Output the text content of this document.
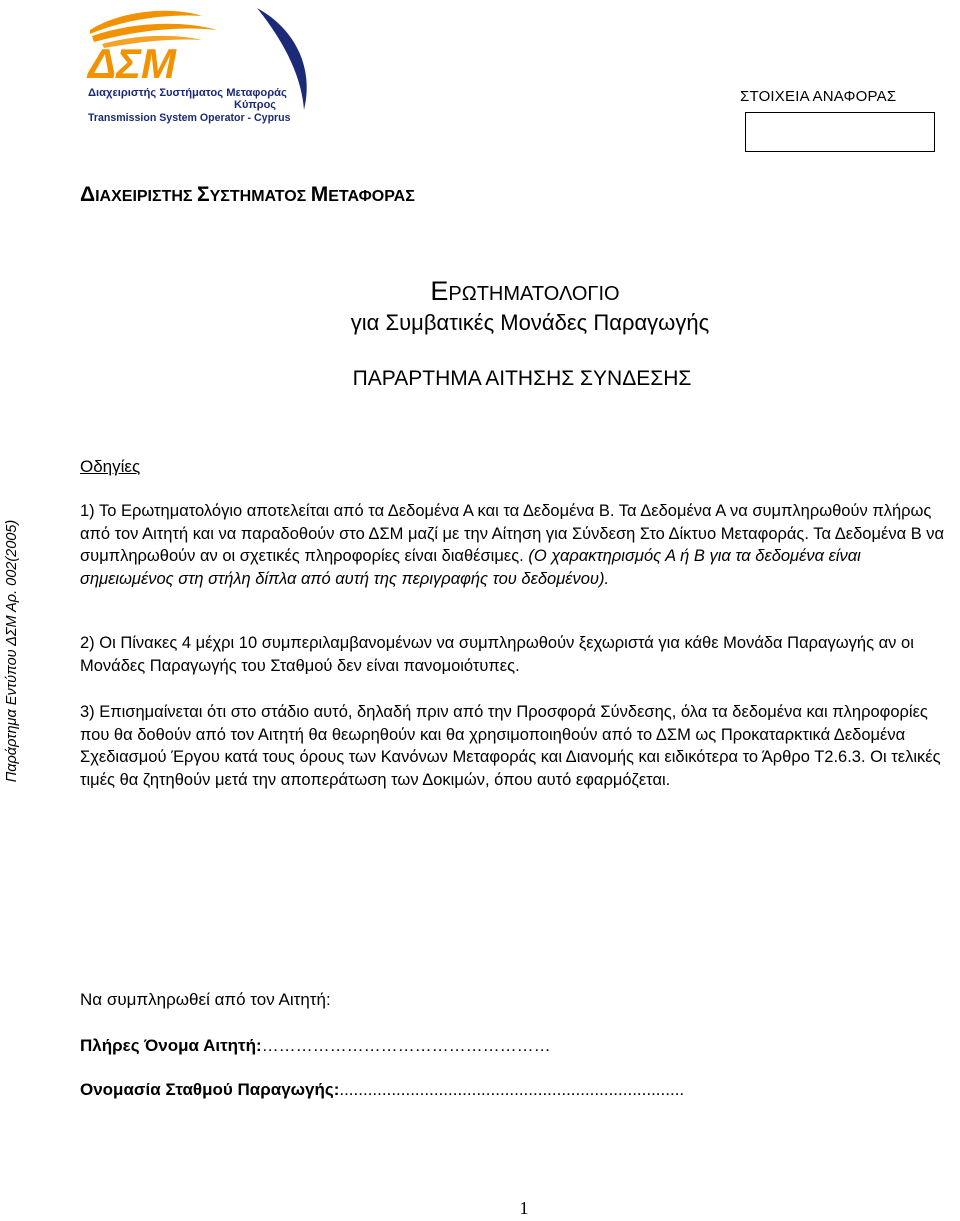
ΔΣΜ
Διαχειριστής Συστήματος Μεταφοράς
Κύπρος
Transmission System Operator - Cyprus
ΣΤΟΙΧΕΙΑ ΑΝΑΦΟΡΑΣ
Παράρτημα Εντύπου ΔΣΜ Αρ. 002(2005)
ΔΙΑΧΕΙΡΙΣΤΗΣ ΣΥΣΤΗΜΑΤΟΣ ΜΕΤΑΦΟΡΑΣ
ΕΡΩΤΗΜΑΤΟΛΟΓΙΟ
για Συμβατικές Μονάδες Παραγωγής
ΠΑΡΑΡΤΗΜΑ ΑΙΤΗΣΗΣ ΣΥΝΔΕΣΗΣ
Οδηγίες
1) Το Ερωτηματολόγιο αποτελείται από τα Δεδομένα Α και τα Δεδομένα Β. Τα Δεδομένα Α να συμπληρωθούν πλήρως από τον Αιτητή και να παραδοθούν στο ΔΣΜ μαζί με την Αίτηση για Σύνδεση Στο Δίκτυο Μεταφοράς. Τα Δεδομένα Β να συμπληρωθούν αν οι σχετικές πληροφορίες είναι διαθέσιμες. (Ο χαρακτηρισμός Α ή Β για τα δεδομένα είναι σημειωμένος στη στήλη δίπλα από αυτή της περιγραφής του δεδομένου).
2) Οι Πίνακες 4 μέχρι 10 συμπεριλαμβανομένων να συμπληρωθούν ξεχωριστά για κάθε Μονάδα Παραγωγής αν οι Μονάδες Παραγωγής του Σταθμού δεν είναι πανομοιότυπες.
3) Επισημαίνεται ότι στο στάδιο αυτό, δηλαδή πριν από την Προσφορά Σύνδεσης, όλα τα δεδομένα και πληροφορίες που θα δοθούν από τον Αιτητή θα θεωρηθούν και θα χρησιμοποιηθούν από το ΔΣΜ ως Προκαταρκτικά Δεδομένα Σχεδιασμού Έργου κατά τους όρους των Κανόνων Μεταφοράς και Διανομής και ειδικότερα το Άρθρο Τ2.6.3. Οι τελικές τιμές θα ζητηθούν μετά την αποπεράτωση των Δοκιμών, όπου αυτό εφαρμόζεται.
Να συμπληρωθεί από τον Αιτητή:
Πλήρες Όνομα Αιτητή:……………………………………………
Ονομασία Σταθμού Παραγωγής:.........................................................................
1
